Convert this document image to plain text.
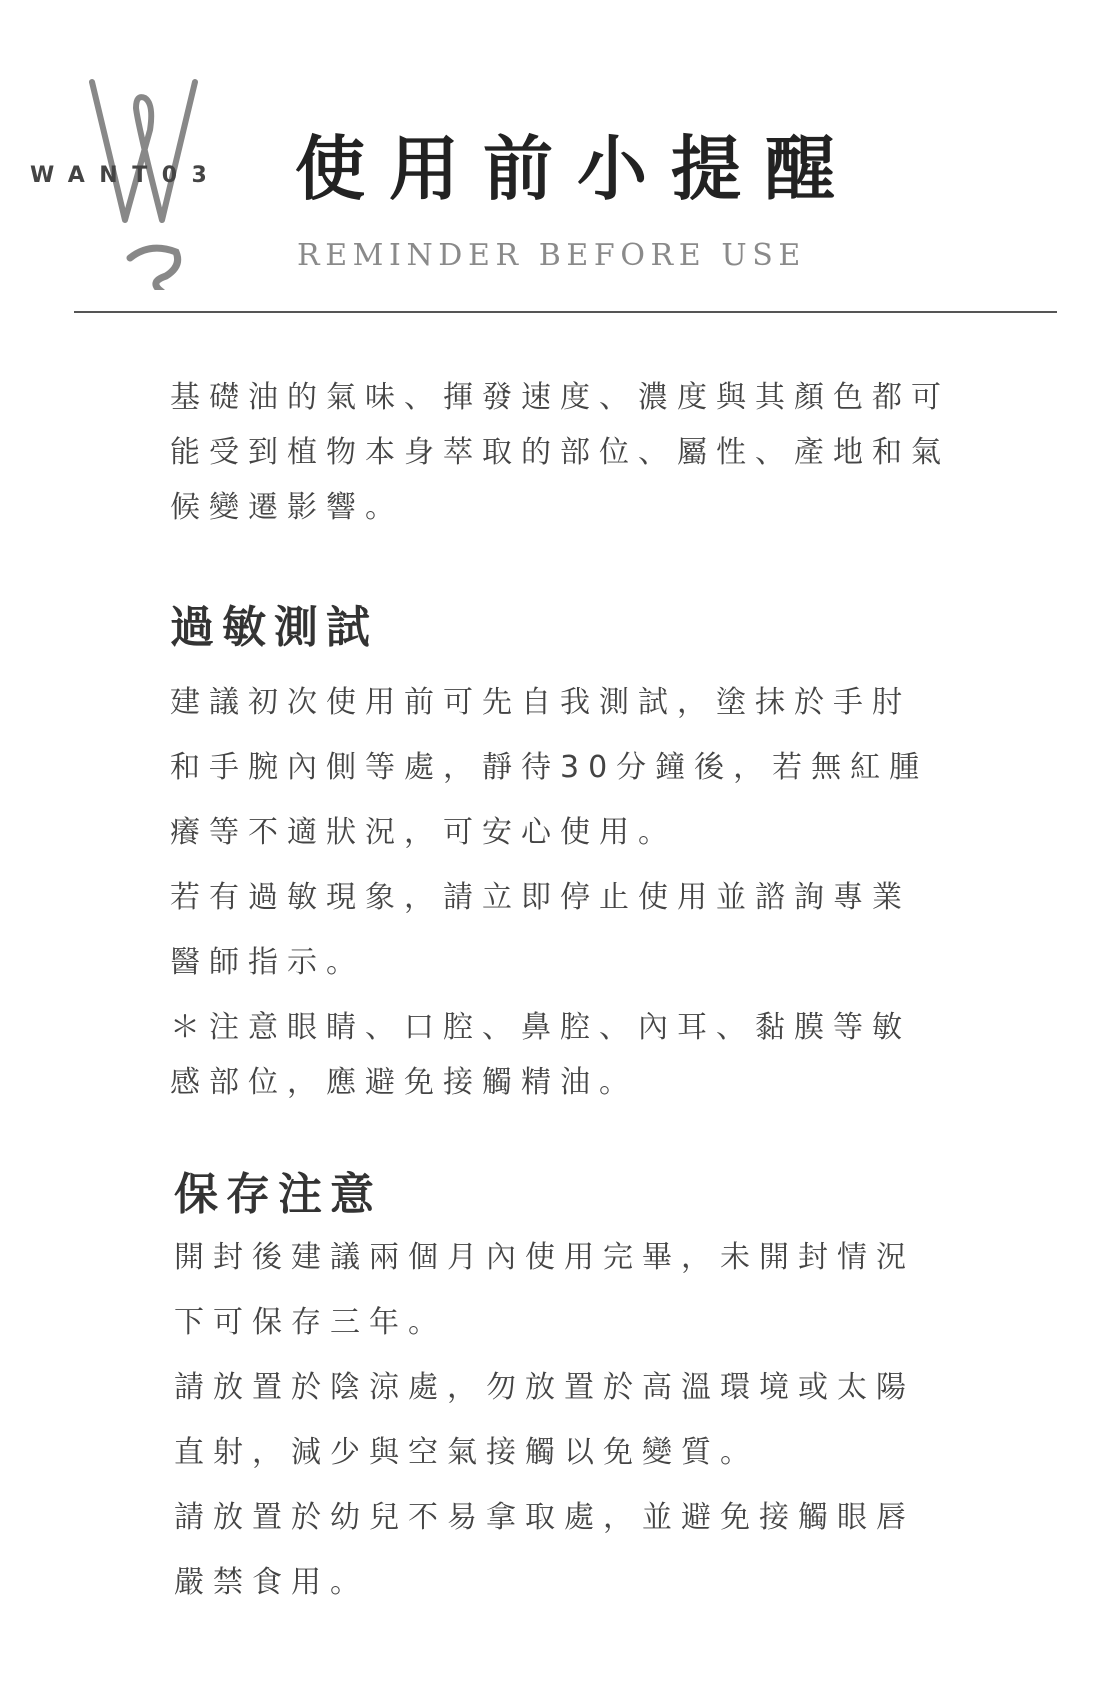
WANT03	使用前小提醒
REMINDER BEFORE USE
基礎油的氣味、揮發速度、濃度與其顏色都可
能受到植物本身萃取的部位、屬性、產地和氣
候變遷影響。
過敏測試
建議初次使用前可先自我測試，塗抹於手肘
和手腕內側等處，靜待30分鐘後，若無紅腫
癢等不適狀況，可安心使用。
若有過敏現象，請立即停止使用並諮詢專業
醫師指示。
＊注意眼睛、口腔、鼻腔、內耳、黏膜等敏
感部位，應避免接觸精油。
保存注意
開封後建議兩個月內使用完畢，未開封情況
下可保存三年。
請放置於陰涼處，勿放置於高溫環境或太陽
直射，減少與空氣接觸以免變質。
請放置於幼兒不易拿取處，並避免接觸眼唇
嚴禁食用。
